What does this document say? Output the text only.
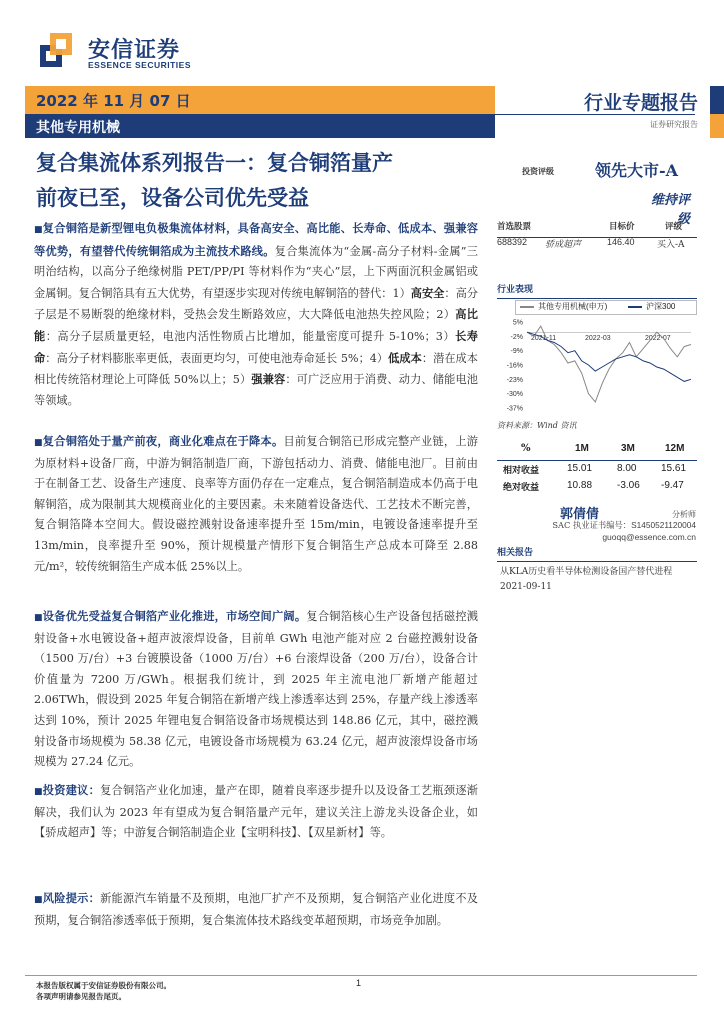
安信证券
ESSENCE SECURITIES
2022 年 11 月 07 日
其他专用机械
行业专题报告
证券研究报告
复合集流体系列报告一：复合铜箔量产
前夜已至，设备公司优先受益
投资评级	领先大市-A
维持评级
■复合铜箔是新型锂电负极集流体材料，具备高安全、高比能、长寿命、低成本、强兼容等优势，有望替代传统铜箔成为主流技术路线。复合集流体为“金属-高分子材料-金属”三明治结构，以高分子绝缘树脂 PET/PP/PI 等材料作为“夹心”层，上下两面沉积金属铝或金属铜。复合铜箔具有五大优势，有望逐步实现对传统电解铜箔的替代：1）高安全：高分子层是不易断裂的绝缘材料，受热会发生断路效应，大大降低电池热失控风险；2）高比能：高分子层质量更轻，电池内活性物质占比增加，能量密度可提升 5-10%；3）长寿命：高分子材料膨胀率更低，表面更均匀，可使电池寿命延长 5%；4）低成本：潜在成本相比传统箔材理论上可降低 50%以上；5）强兼容：可广泛应用于消费、动力、储能电池等领域。
■复合铜箔处于量产前夜，商业化难点在于降本。目前复合铜箔已形成完整产业链，上游为原材料+设备厂商，中游为铜箔制造厂商，下游包括动力、消费、储能电池厂。目前由于在制备工艺、设备生产速度、良率等方面仍存在一定难点，复合铜箔制造成本仍高于电解铜箔，成为限制其大规模商业化的主要因素。未来随着设备迭代、工艺技术不断完善，复合铜箔降本空间大。假设磁控溅射设备速率提升至 15m/min，电镀设备速率提升至 13m/min，良率提升至 90%，预计规模量产情形下复合铜箔生产总成本可降至 2.88 元/m²，较传统铜箔生产成本低 25%以上。
■设备优先受益复合铜箔产业化推进，市场空间广阔。复合铜箔核心生产设备包括磁控溅射设备+水电镀设备+超声波滚焊设备，目前单 GWh 电池产能对应 2 台磁控溅射设备（1500 万/台）+3 台镀膜设备（1000 万/台）+6 台滚焊设备（200 万/台），设备合计价值量为 7200 万/GWh。根据我们统计，到 2025 年主流电池厂新增产能超过 2.06TWh，假设到 2025 年复合铜箔在新增产线上渗透率达到 25%，存量产线上渗透率达到 10%，预计 2025 年锂电复合铜箔设备市场规模达到 148.86 亿元，其中，磁控溅射设备市场规模为 58.38 亿元，电镀设备市场规模为 63.24 亿元，超声波滚焊设备市场规模为 27.24 亿元。
■投资建议：复合铜箔产业化加速，量产在即，随着良率逐步提升以及设备工艺瓶颈逐渐解决，我们认为 2023 年有望成为复合铜箔量产元年，建议关注上游龙头设备企业，如【骄成超声】等；中游复合铜箔制造企业【宝明科技】、【双星新材】等。
■风险提示：新能源汽车销量不及预期，电池厂扩产不及预期，复合铜箔产业化进度不及预期，复合铜箔渗透率低于预期，复合集流体技术路线变革超预期，市场竞争加剧。
首选股票	目标价	评级
688392 骄成超声	146.40 买入-A
行业表现
其他专用机械(申万)	沪深300
5%
-2%
-9%
-16%
-23%
-30%
-37%
2021-11	2022-03	2022-07
资料来源：Wind 资讯
%	1M	3M	12M
相对收益	15.01 8.00 15.61
绝对收益	10.88 -3.06 -9.47
郭倩倩	分析师
SAC 执业证书编号：S1450521120004
guoqq@essence.com.cn
相关报告
从KLA历史看半导体检测设备国产替代进程 2021-09-11
本报告版权属于安信证券股份有限公司。
各项声明请参见报告尾页。
1
